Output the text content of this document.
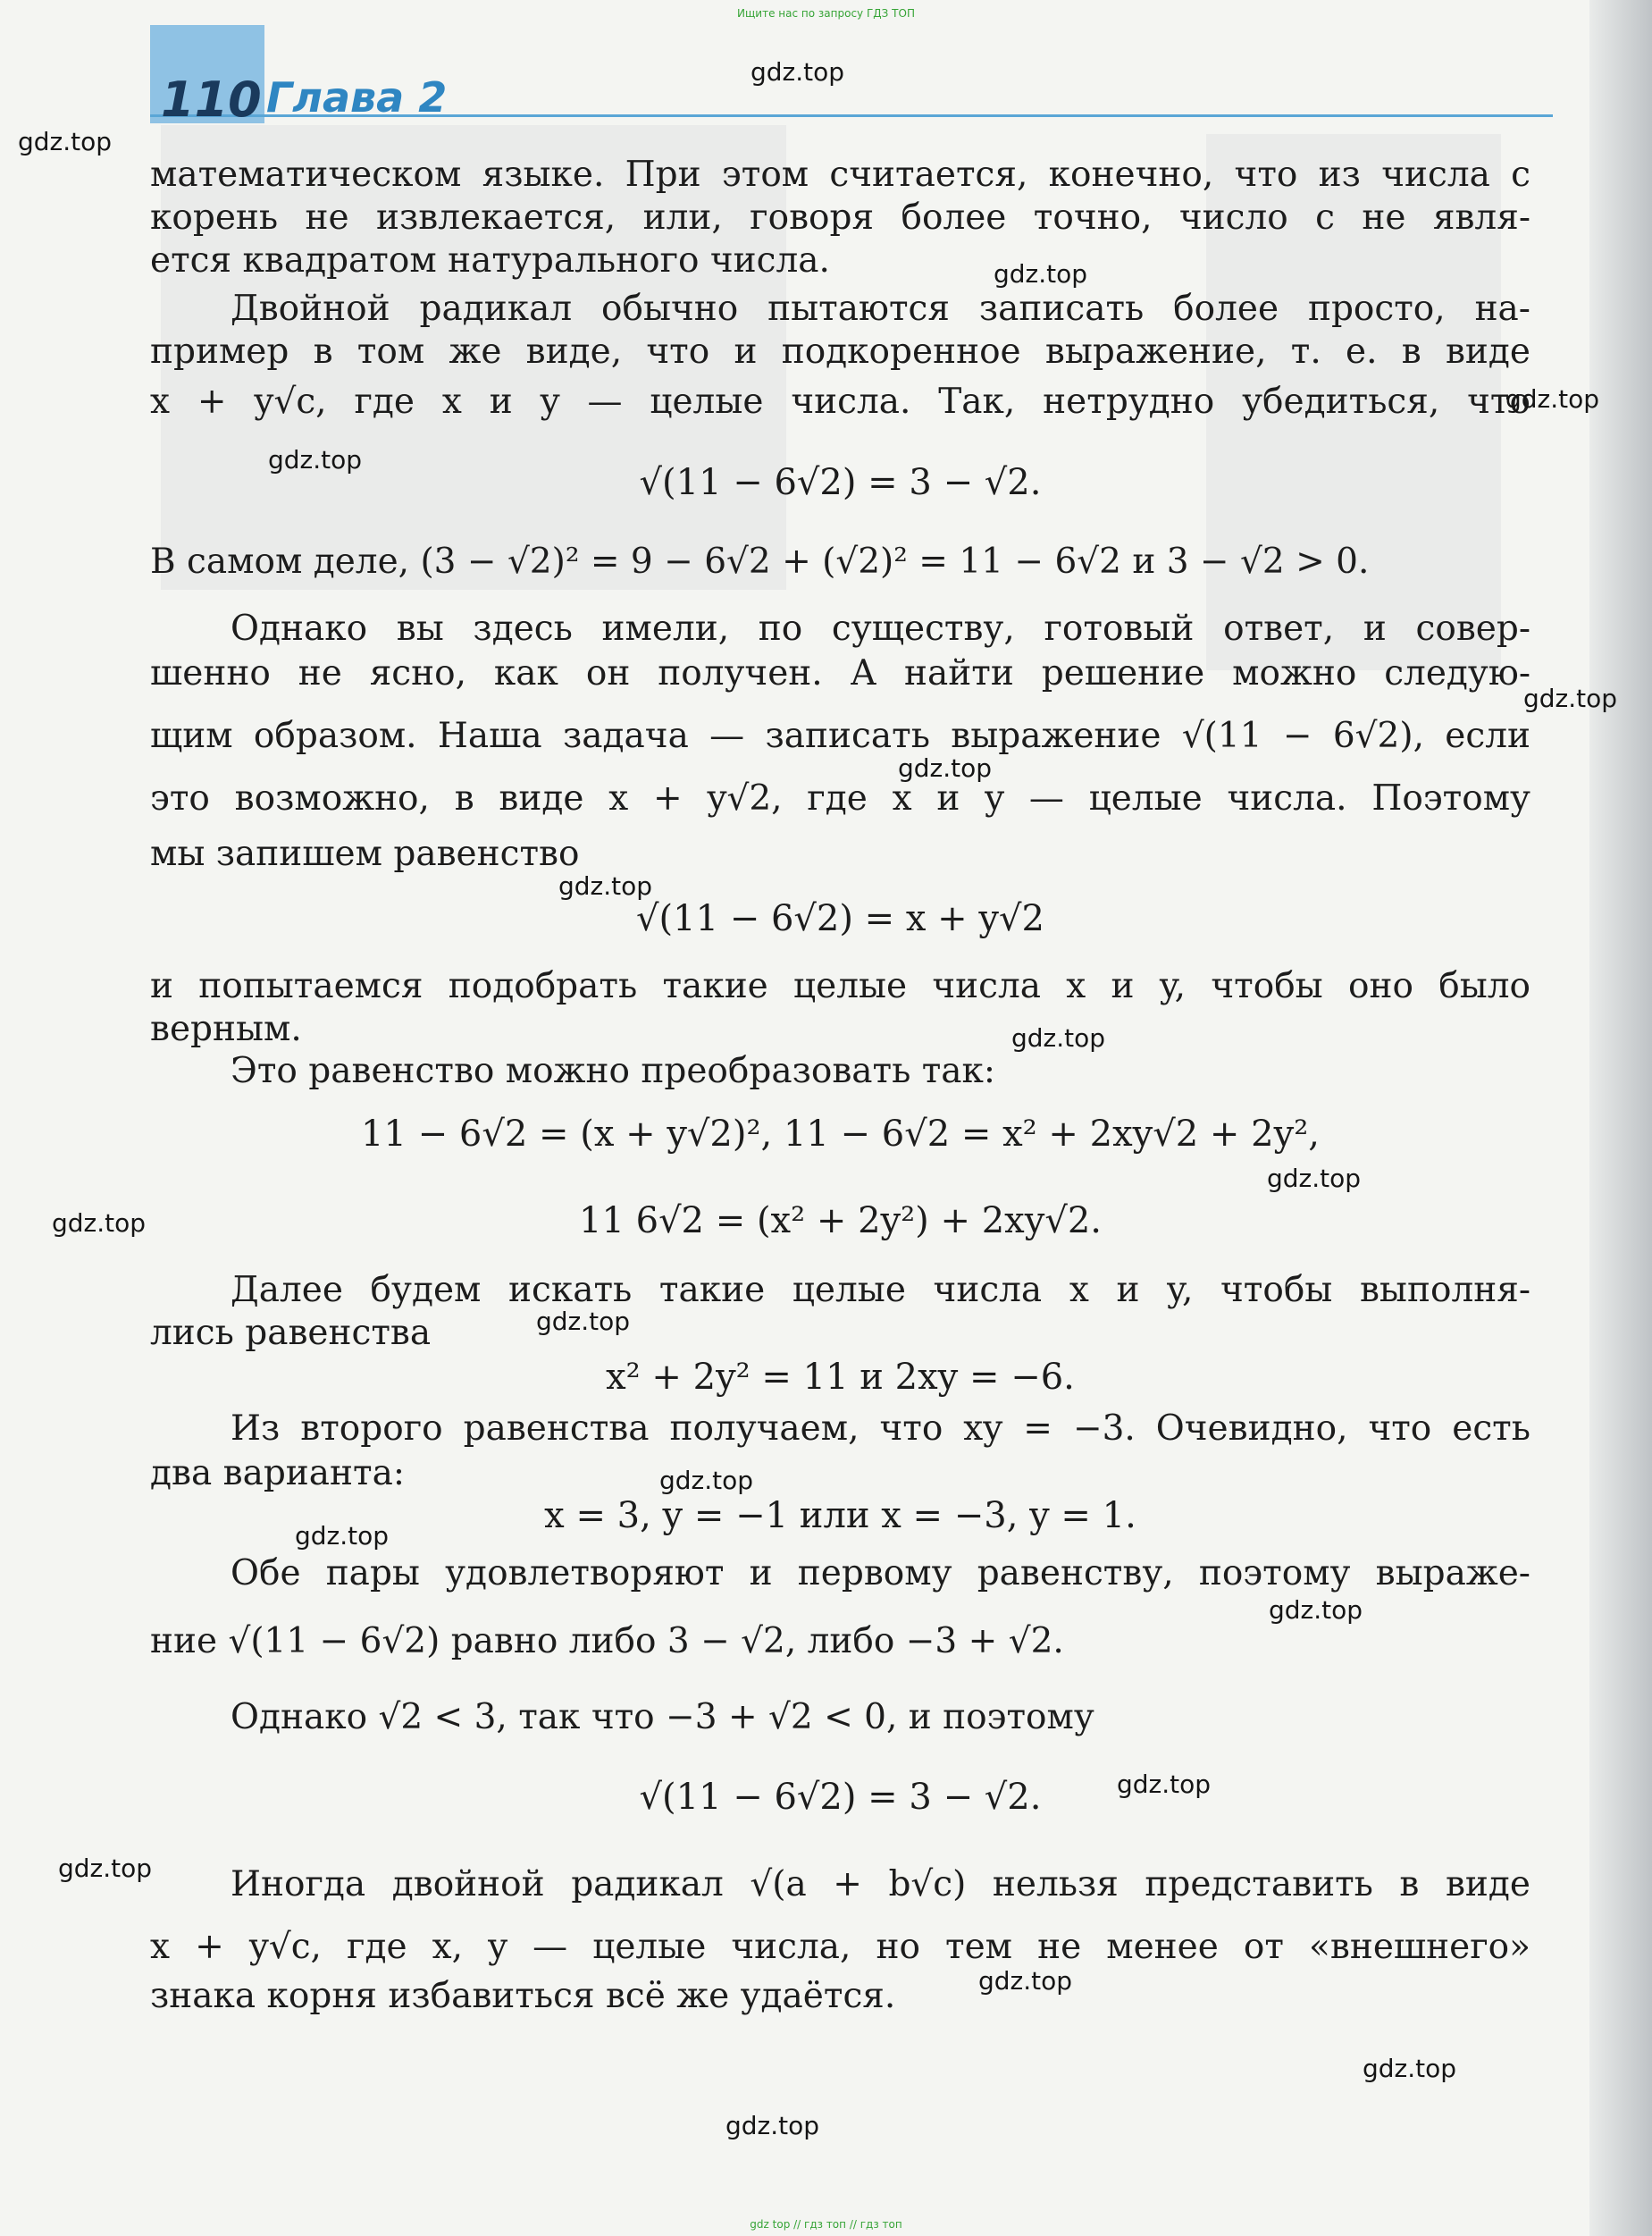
Ищите нас по запросу ГДЗ ТОП
110 Глава 2
математическом языке. При этом считается, конечно, что из числа c
корень не извлекается, или, говоря более точно, число c не явля-
ется квадратом натурального числа.
Двойной радикал обычно пытаются записать более просто, на-
пример в том же виде, что и подкоренное выражение, т. е. в виде
x + y√c, где x и y — целые числа. Так, нетрудно убедиться, что
√(11 − 6√2) = 3 − √2.
В самом деле, (3 − √2)² = 9 − 6√2 + (√2)² = 11 − 6√2 и 3 − √2 > 0.
Однако вы здесь имели, по существу, готовый ответ, и совер-
шенно не ясно, как он получен. А найти решение можно следую-
щим образом. Наша задача — записать выражение √(11 − 6√2), если
это возможно, в виде x + y√2, где x и y — целые числа. Поэтому
мы запишем равенство
√(11 − 6√2) = x + y√2
и попытаемся подобрать такие целые числа x и y, чтобы оно было
верным.
Это равенство можно преобразовать так:
11 − 6√2 = (x + y√2)², 11 − 6√2 = x² + 2xy√2 + 2y²,
11 6√2 = (x² + 2y²) + 2xy√2.
Далее будем искать такие целые числа x и y, чтобы выполня-
лись равенства
x² + 2y² = 11 и 2xy = −6.
Из второго равенства получаем, что xy = −3. Очевидно, что есть
два варианта:
x = 3, y = −1 или x = −3, y = 1.
Обе пары удовлетворяют и первому равенству, поэтому выраже-
ние √(11 − 6√2) равно либо 3 − √2, либо −3 + √2.
Однако √2 < 3, так что −3 + √2 < 0, и поэтому
√(11 − 6√2) = 3 − √2.
Иногда двойной радикал √(a + b√c) нельзя представить в виде
x + y√c, где x, y — целые числа, но тем не менее от «внешнего»
знака корня избавиться всё же удаётся.
gdz.top
gdz.top
gdz.top
gdz.top
gdz.top
gdz.top
gdz.top
gdz.top
gdz.top
gdz.top
gdz.top
gdz.top
gdz.top
gdz.top
gdz.top
gdz.top
gdz.top
gdz.top
gdz.top
gdz.top
gdz top // гдз топ // гдз топ
